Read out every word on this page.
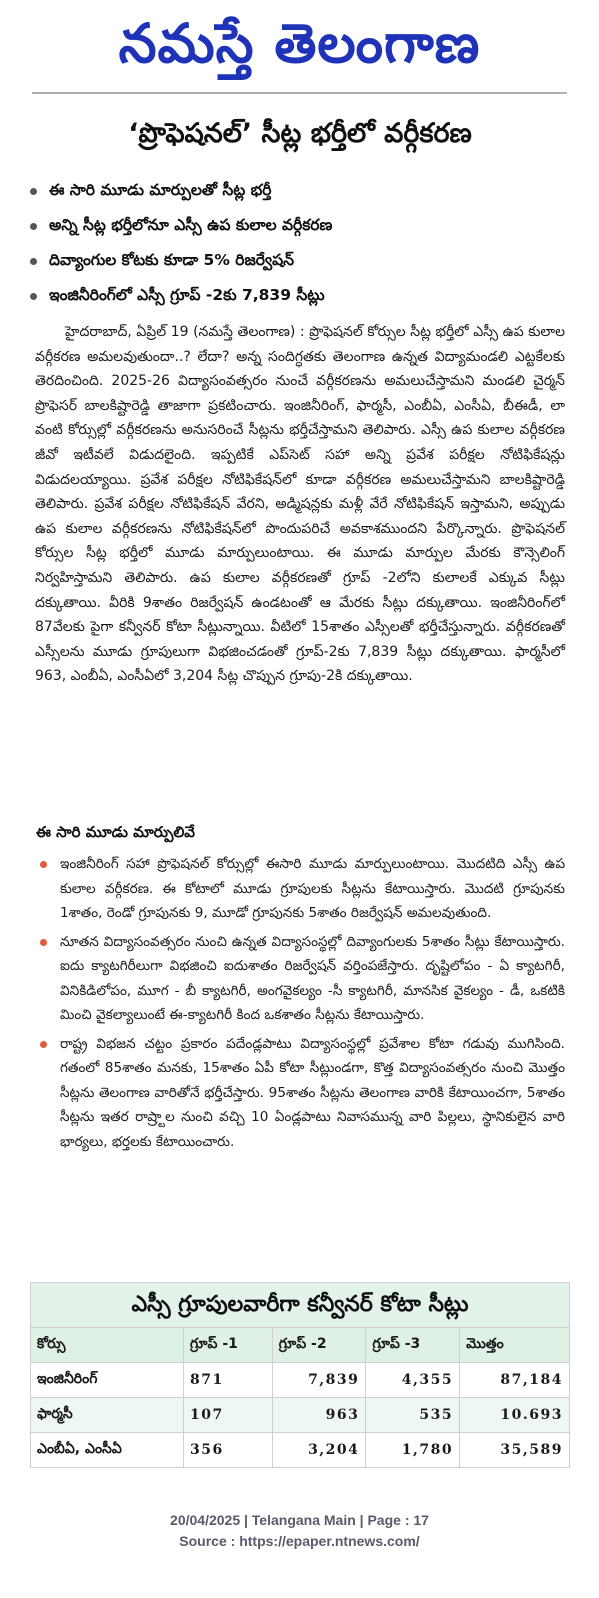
నమస్తే తెలంగాణ
‘ప్రొఫెషనల్’ సీట్ల భర్తీలో వర్గీకరణ
ఈ సారి మూడు మార్పులతో సీట్ల భర్తీ
అన్ని సీట్ల భర్తీలోనూ ఎస్సీ ఉప కులాల వర్గీకరణ
దివ్యాంగుల కోటకు కూడా 5% రిజర్వేషన్
ఇంజినీరింగ్‌లో ఎస్సీ గ్రూప్ -2కు 7,839 సీట్లు

హైదరాబాద్, ఏప్రిల్ 19 (నమస్తే తెలంగాణ) : ప్రొఫెషనల్ కోర్సుల సీట్ల భర్తీలో ఎస్సీ ఉప కులాల వర్గీకరణ అమలవుతుందా..? లేదా? అన్న సందిగ్ధతకు తెలంగాణ ఉన్నత విద్యామండలి ఎట్టకేలకు తెరదించింది. 2025-26 విద్యాసంవత్సరం నుంచే వర్గీకరణను అమలుచేస్తామని మండలి చైర్మన్ ప్రొఫెసర్ బాలకిష్టారెడ్డి తాజాగా ప్రకటించారు. ఇంజినీరింగ్, ఫార్మసీ, ఎంబీఏ, ఎంసీఏ, బీఈడీ, లా వంటి కోర్సుల్లో వర్గీకరణను అనుసరించే సీట్లను భర్తీచేస్తామని తెలిపారు. ఎస్సీ ఉప కులాల వర్గీకరణ జీవో ఇటీవలే విడుదలైంది. ఇప్పటికే ఎప్‌సెట్ సహా అన్ని ప్రవేశ పరీక్షల నోటిఫికేషన్లు విడుదలయ్యాయి. ప్రవేశ పరీక్షల నోటిఫికేషన్‌లో కూడా వర్గీకరణ అమలుచేస్తామని బాలకిష్టారెడ్డి తెలిపారు. ప్రవేశ పరీక్షల నోటిఫికేషన్ వేరని, అడ్మిషన్లకు మళ్లీ వేరే నోటిఫికేషన్ ఇస్తామని, అప్పుడు ఉప కులాల వర్గీకరణను నోటిఫికేషన్‌లో పొందుపరిచే అవకాశముందని పేర్కొన్నారు. ప్రొఫెషనల్ కోర్సుల సీట్ల భర్తీలో మూడు మార్పులుంటాయి. ఈ మూడు మార్పుల మేరకు కౌన్సెలింగ్ నిర్వహిస్తామని తెలిపారు. ఉప కులాల వర్గీకరణతో గ్రూప్ -2లోని కులాలకే ఎక్కువ సీట్లు దక్కుతాయి. వీరికి 9శాతం రిజర్వేషన్ ఉండటంతో ఆ మేరకు సీట్లు దక్కుతాయి. ఇంజినీరింగ్‌లో 87వేలకు పైగా కన్వీనర్ కోటా సీట్లున్నాయి. వీటిలో 15శాతం ఎస్సీలతో భర్తీచేస్తున్నారు. వర్గీకరణతో ఎస్సీలను మూడు గ్రూపులుగా విభజించడంతో గ్రూప్-2కు 7,839 సీట్లు దక్కుతాయి. ఫార్మసీలో 963, ఎంబీఏ, ఎంసీఏలో 3,204 సీట్ల చొప్పున గ్రూపు-2కి దక్కుతాయి.

ఈ సారి మూడు మార్పులివే
ఇంజినీరింగ్ సహా ప్రొఫెషనల్ కోర్సుల్లో ఈసారి మూడు మార్పులుంటాయి. మొదటిది ఎస్సీ ఉప కులాల వర్గీకరణ. ఈ కోటాలో మూడు గ్రూపులకు సీట్లను కేటాయిస్తారు. మొదటి గ్రూపునకు 1శాతం, రెండో గ్రూపునకు 9, మూడో గ్రూపునకు 5శాతం రిజర్వేషన్ అమలవుతుంది.
నూతన విద్యాసంవత్సరం నుంచి ఉన్నత విద్యాసంస్థల్లో దివ్యాంగులకు 5శాతం సీట్లు కేటాయిస్తారు. ఐదు క్యాటగిరీలుగా విభజించి ఐదుశాతం రిజర్వేషన్ వర్తింపజేస్తారు. దృష్టిలోపం - ఏ క్యాటగిరీ, వినికిడిలోపం, మూగ - బీ క్యాటగిరీ, అంగవైకల్యం -సీ క్యాటగిరీ, మానసిక వైకల్యం - డీ, ఒకటికి మించి వైకల్యాలుంటే ఈ-క్యాటగిరీ కింద ఒకశాతం సీట్లను కేటాయిస్తారు.
రాష్ట్ర విభజన చట్టం ప్రకారం పదేండ్లపాటు విద్యాసంస్థల్లో ప్రవేశాల కోటా గడువు ముగిసింది. గతంలో 85శాతం మనకు, 15శాతం ఏపీ కోటా సీట్లుండగా, కొత్త విద్యాసంవత్సరం నుంచి మొత్తం సీట్లను తెలంగాణ వారితోనే భర్తీచేస్తారు. 95శాతం సీట్లను తెలంగాణ వారికి కేటాయించగా, 5శాతం సీట్లను ఇతర రాష్ర్టాల నుంచి వచ్చి 10 ఏండ్లపాటు నివాసమున్న వారి పిల్లలు, స్థానికులైన వారి భార్యలు, భర్తలకు కేటాయించారు.
ఎస్సీ గ్రూపులవారీగా కన్వీనర్ కోటా సీట్లు
కోర్సు	గ్రూప్ -1	గ్రూప్ -2	గ్రూప్ -3	మొత్తం
ఇంజినీరింగ్	871	7,839	4,355	87,184
ఫార్మసీ	107	963	535	10.693
ఎంబీఏ, ఎంసీఏ	356	3,204	1,780	35,589
20/04/2025 | Telangana Main | Page : 17
Source : https://epaper.ntnews.com/
